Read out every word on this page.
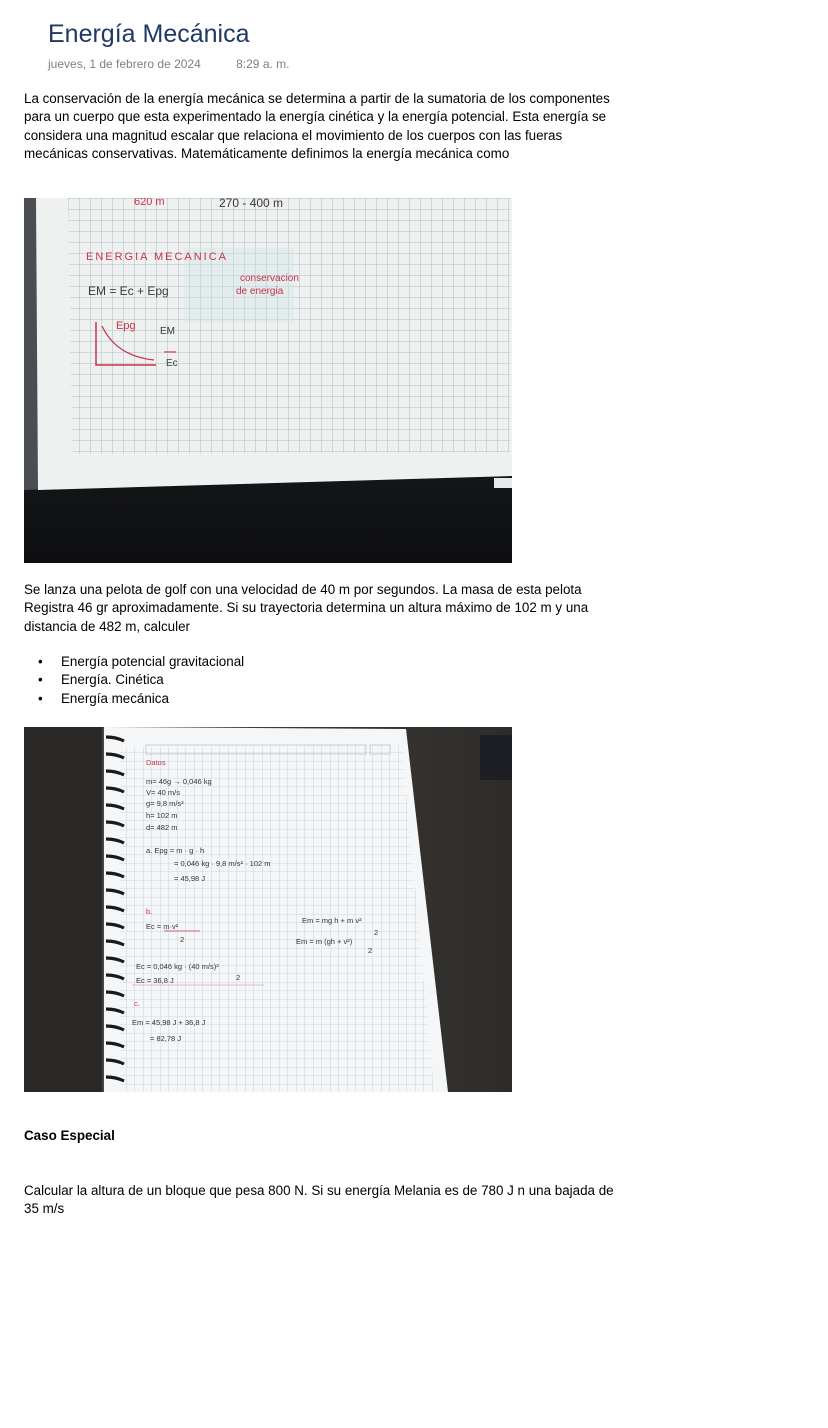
Energía Mecánica
jueves, 1 de febrero de 2024	8:29 a. m.

La conservación de la energía mecánica se determina a partir de la sumatoria de los componentes para un cuerpo que esta experimentado la energía cinética y la energía potencial. Esta energía se considera una magnitud escalar que relaciona el movimiento de los cuerpos con las fueras mecánicas conservativas. Matemáticamente definimos la energía mecánica como

620 m
ENERGIA MECANICA
conservacion
de energia
Epg
270 - 400 m
EM = Ec + Epg
EM
Ec

Se lanza una pelota de golf con una velocidad de 40 m por segundos. La masa de esta pelota Registra 46 gr aproximadamente. Si su trayectoria determina un altura máximo de 102 m y una distancia de 482 m, calculer

• Energía potencial gravitacional
• Energía. Cinética
• Energía mecánica
Datos
m= 46g → 0,046 kg
V= 40 m/s
g= 9,8 m/s²
h= 102 m
d= 482 m
a. Epg = m · g · h
= 0,046 kg · 9,8 m/s² · 102 m
= 45,98 J
b.
Ec = m·v²
2
Em = mg h + m v²
2
Em = m (gh + v²)
2
Ec = 0,046 kg · (40 m/s)²
2
Ec = 36,8 J
c.
Em = 45,98 J + 36,8 J
= 82,78 J
Caso Especial

Calcular la altura de un bloque que pesa 800 N. Si su energía Melania es de 780 J n una bajada de 35 m/s
